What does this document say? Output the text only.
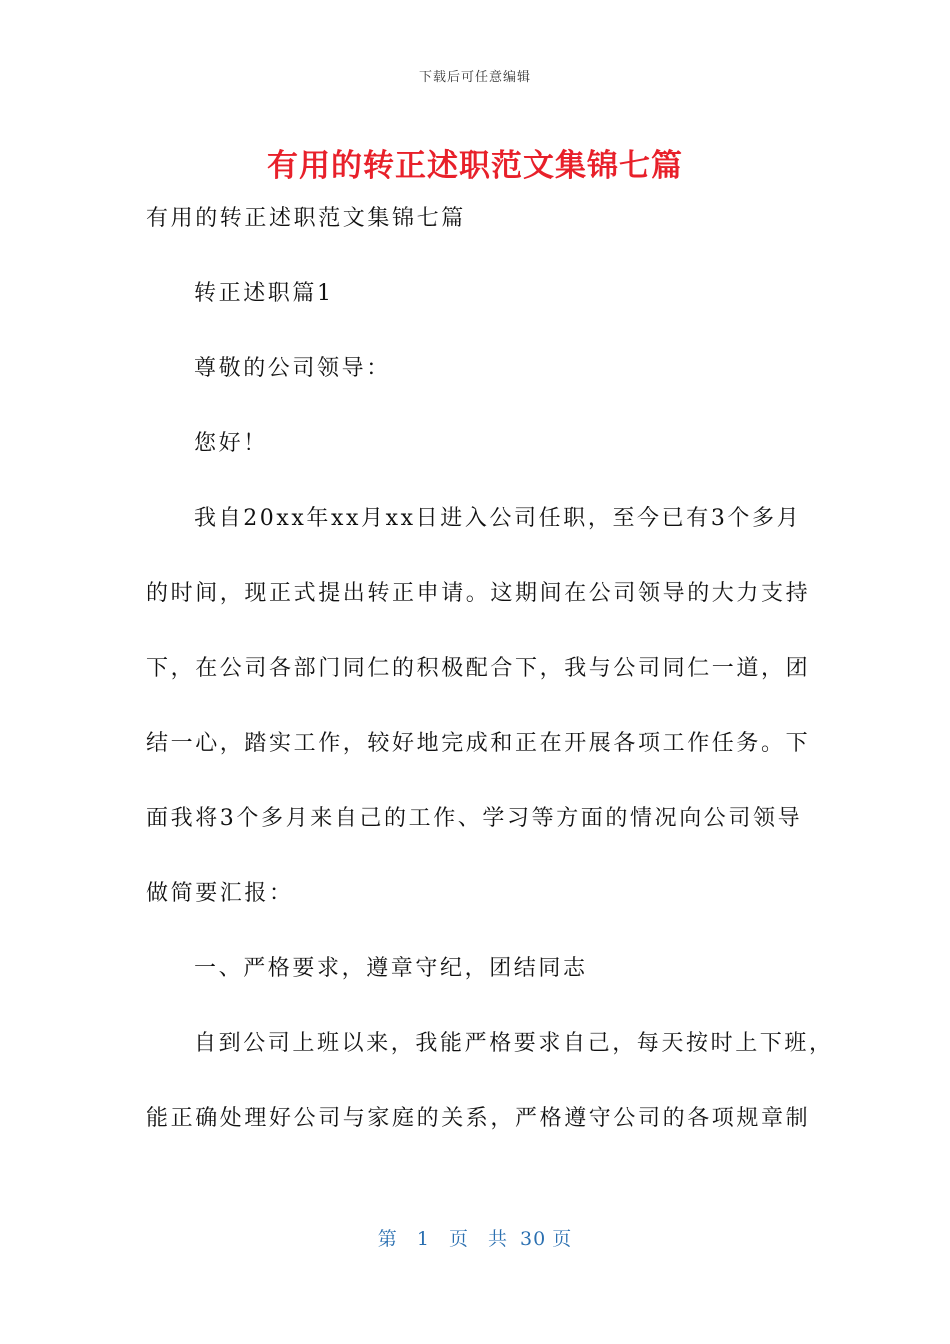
下载后可任意编辑
有用的转正述职范文集锦七篇
有用的转正述职范文集锦七篇
转正述职篇1
尊敬的公司领导：
您好！
我自20xx年xx月xx日进入公司任职，至今已有3个多月
的时间，现正式提出转正申请。这期间在公司领导的大力支持
下，在公司各部门同仁的积极配合下，我与公司同仁一道，团
结一心，踏实工作，较好地完成和正在开展各项工作任务。下
面我将3个多月来自己的工作、学习等方面的情况向公司领导
做简要汇报：
一、严格要求，遵章守纪，团结同志
自到公司上班以来，我能严格要求自己，每天按时上下班，
能正确处理好公司与家庭的关系，严格遵守公司的各项规章制
第 1 页 共 30 页
